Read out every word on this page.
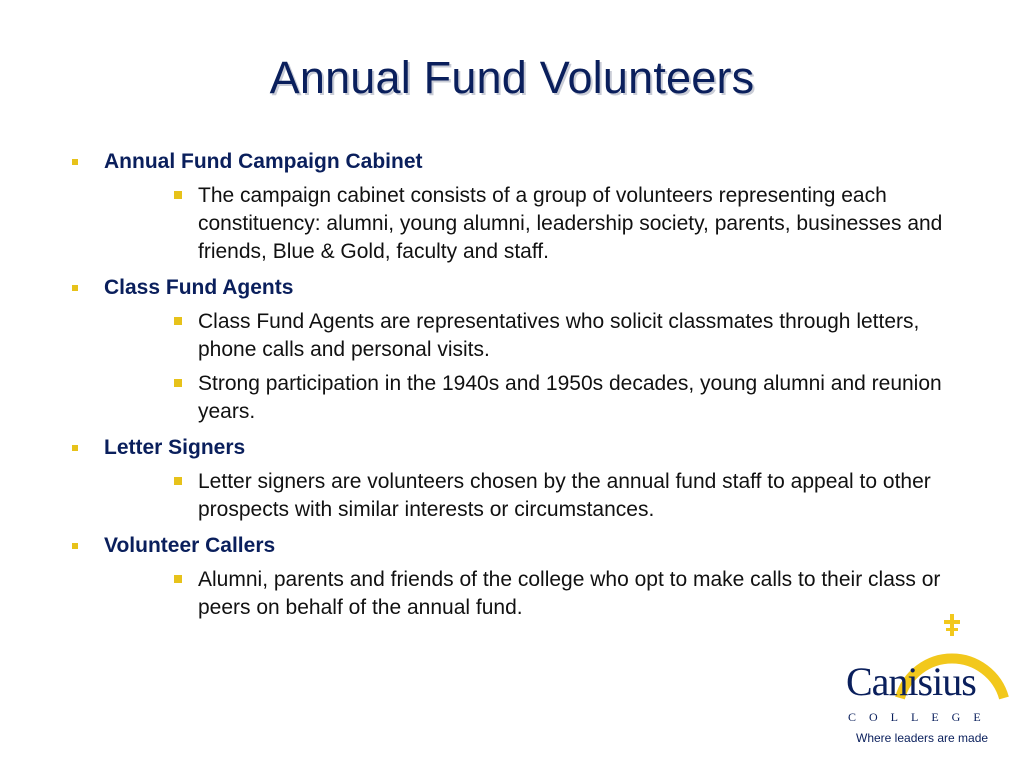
Annual Fund Volunteers
Annual Fund Campaign Cabinet
The campaign cabinet consists of a group of volunteers representing each constituency: alumni, young alumni, leadership society, parents, businesses and friends, Blue & Gold, faculty and staff.
Class Fund Agents
Class Fund Agents are representatives who solicit classmates through letters, phone calls and personal visits.
Strong participation in the 1940s and 1950s decades, young alumni and reunion years.
Letter Signers
Letter signers are volunteers chosen by the annual fund staff to appeal to other prospects with similar interests or circumstances.
Volunteer Callers
Alumni, parents and friends of the college who opt to make calls to their class or peers on behalf of the annual fund.
Canisius
COLLEGE
Where leaders are made
